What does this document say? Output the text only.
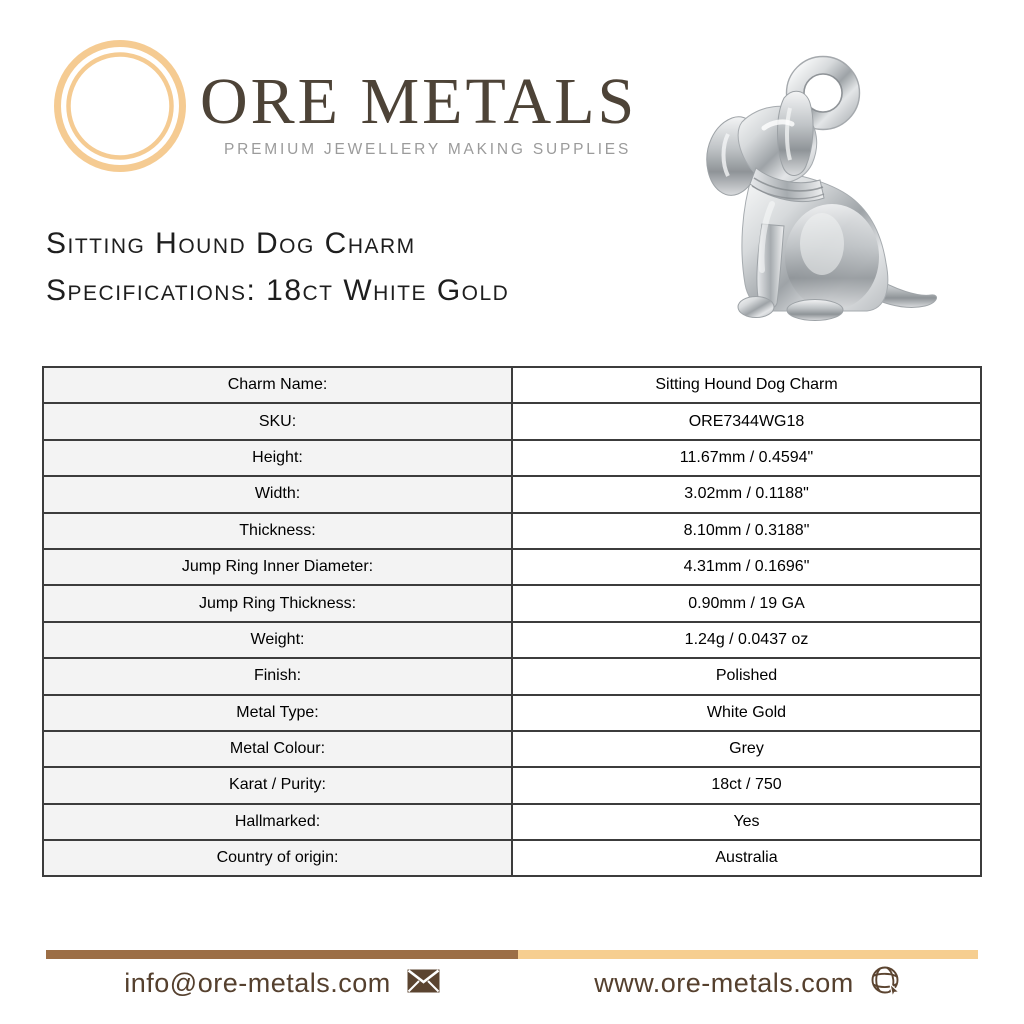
ORE METALS
PREMIUM JEWELLERY MAKING SUPPLIES
Sitting Hound Dog Charm
Specifications: 18ct White Gold
Charm Name:	Sitting Hound Dog Charm
SKU:	ORE7344WG18
Height:	11.67mm / 0.4594"
Width:	3.02mm / 0.1188"
Thickness:	8.10mm / 0.3188"
Jump Ring Inner Diameter:	4.31mm / 0.1696"
Jump Ring Thickness:	0.90mm / 19 GA
Weight:	1.24g / 0.0437 oz
Finish:	Polished
Metal Type:	White Gold
Metal Colour:	Grey
Karat / Purity:	18ct / 750
Hallmarked:	Yes
Country of origin:	Australia
info@ore-metals.com	www.ore-metals.com
